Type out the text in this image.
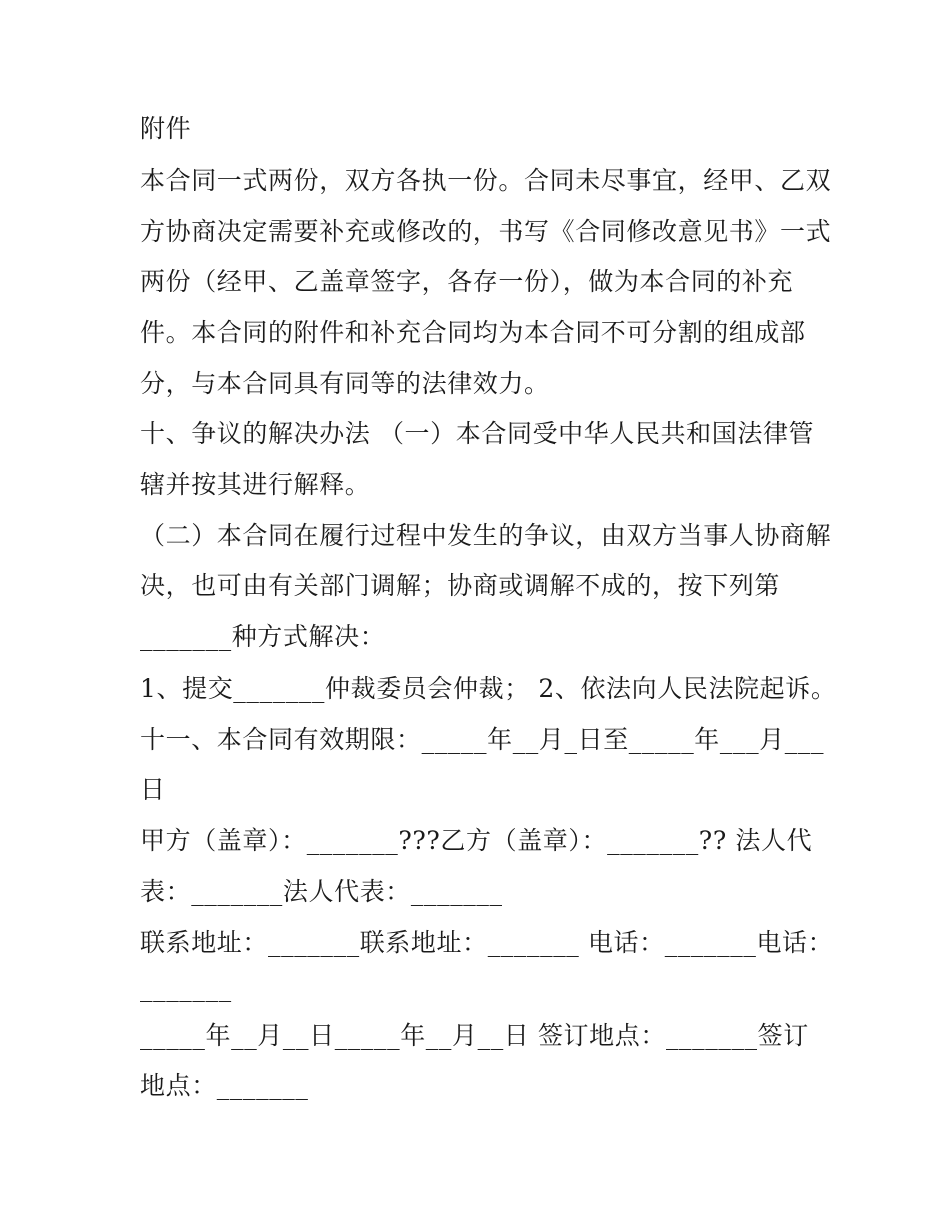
附件
本合同一式两份，双方各执一份。合同未尽事宜，经甲、乙双
方协商决定需要补充或修改的，书写《合同修改意见书》一式
两份（经甲、乙盖章签字，各存一份），做为本合同的补充
件。本合同的附件和补充合同均为本合同不可分割的组成部
分，与本合同具有同等的法律效力。
十、争议的解决办法 （一）本合同受中华人民共和国法律管
辖并按其进行解释。
（二）本合同在履行过程中发生的争议，由双方当事人协商解
决，也可由有关部门调解；协商或调解不成的，按下列第
_______种方式解决：
1、提交_______仲裁委员会仲裁； 2、依法向人民法院起诉。
十一、本合同有效期限：_____年__月_日至_____年___月___
日
甲方（盖章）：_______???乙方（盖章）：_______?? 法人代
表：_______法人代表：_______
联系地址：_______联系地址：_______ 电话：_______电话：
_______
_____年__月__日_____年__月__日 签订地点：_______签订
地点：_______
